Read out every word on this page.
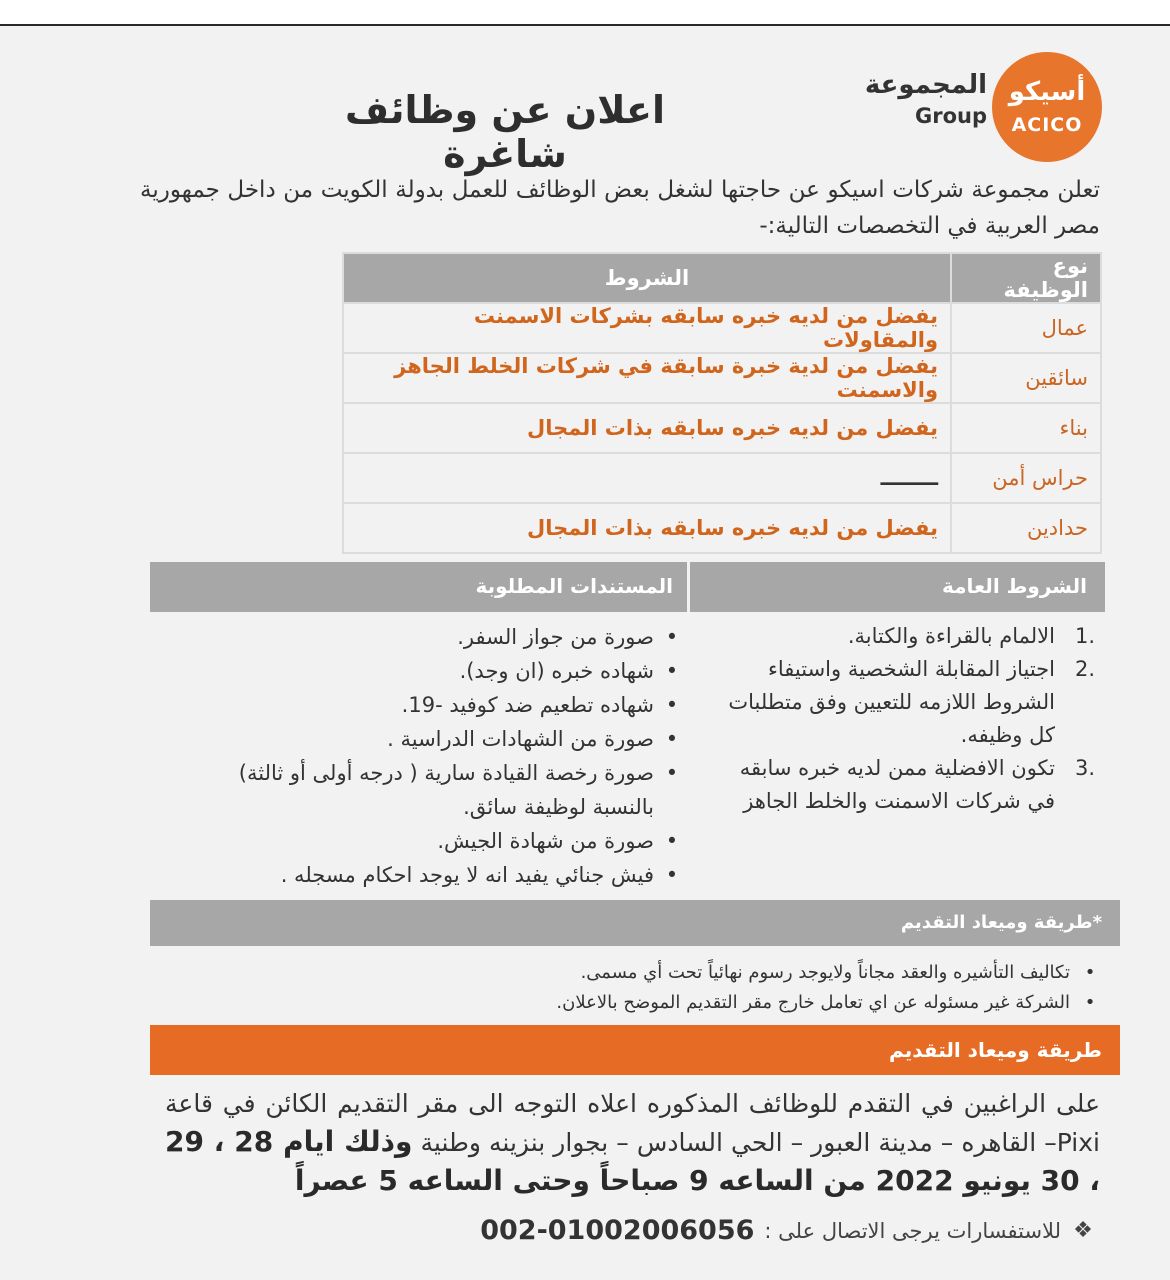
أسيكو
ACICO
المجموعة
Group
اعلان عن وظائف شاغرة
تعلن مجموعة شركات اسيكو عن حاجتها لشغل بعض الوظائف للعمل بدولة الكويت من داخل جمهورية مصر العربية في التخصصات التالية:-
نوع الوظيفة	الشروط
عمال	يفضل من لديه خبره سابقه بشركات الاسمنت والمقاولات
سائقين	يفضل من لدية خبرة سابقة في شركات الخلط الجاهز والاسمنت
بناء	يفضل من لديه خبره سابقه بذات المجال
حراس أمن	ــــــــ
حدادين	يفضل من لديه خبره سابقه بذات المجال
الشروط العامة
المستندات المطلوبة
.1
الالمام بالقراءة والكتابة.
.2
اجتياز المقابلة الشخصية واستيفاء الشروط اللازمه للتعيين وفق متطلبات كل وظيفه.
.3
تكون الافضلية ممن لديه خبره سابقه في شركات الاسمنت والخلط الجاهز
•
صورة من جواز السفر.
•
شهاده خبره (ان وجد).
•
شهاده تطعيم ضد كوفيد -19.
•
صورة من الشهادات الدراسية .
•
صورة رخصة القيادة سارية ( درجه أولى أو ثالثة) بالنسبة لوظيفة سائق.
•
صورة من شهادة الجيش.
•
فيش جنائي يفيد انه لا يوجد احكام مسجله .
*طريقة وميعاد التقديم
•
تكاليف التأشيره والعقد مجاناً ولايوجد رسوم نهائياً تحت أي مسمى.
•
الشركة غير مسئوله عن اي تعامل خارج مقر التقديم الموضح بالاعلان.
طريقة وميعاد التقديم
على الراغبين في التقدم للوظائف المذكوره اعلاه التوجه الى مقر التقديم الكائن في قاعة Pixi– القاهره – مدينة العبور – الحي السادس – بجوار بنزينه وطنية وذلك ايام 28 ، 29 ، 30 يونيو 2022 من الساعه 9 صباحاً وحتى الساعه 5 عصراً
❖
للاستفسارات يرجى الاتصال على :
002-01002006056
